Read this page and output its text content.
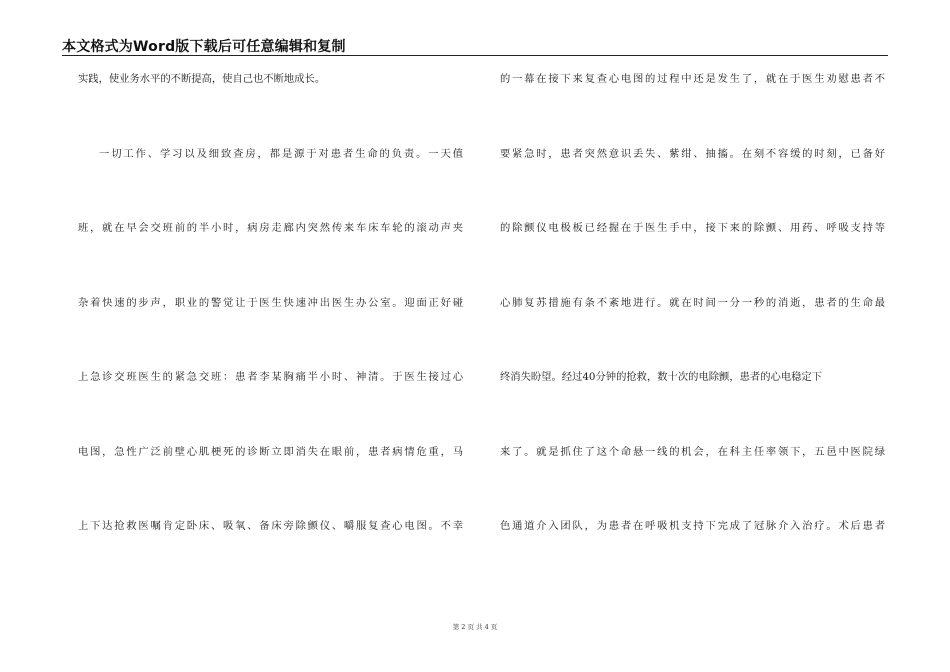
本文格式为Word版下载后可任意编辑和复制
实践，使业务水平的不断提高，使自己也不断地成长。
一切工作、学习以及细致查房，都是源于对患者生命的负责。一天值
班，就在早会交班前的半小时，病房走廊内突然传来车床车轮的滚动声夹
杂着快速的步声，职业的警觉让于医生快速冲出医生办公室。迎面正好碰
上急诊交班医生的紧急交班：患者李某胸痛半小时、神清。于医生接过心
电图，急性广泛前壁心肌梗死的诊断立即消失在眼前，患者病情危重，马
上下达抢救医嘱肯定卧床、吸氧、备床旁除颤仪、嚼服复查心电图。不幸
的一幕在接下来复查心电图的过程中还是发生了，就在于医生劝慰患者不
要紧急时，患者突然意识丢失、紫绀、抽搐。在刻不容缓的时刻，已备好
的除颤仪电极板已经握在于医生手中，接下来的除颤、用药、呼吸支持等
心肺复苏措施有条不紊地进行。就在时间一分一秒的消逝，患者的生命最
终消失盼望。经过40分钟的抢救，数十次的电除颤，患者的心电稳定下
来了。就是抓住了这个命悬一线的机会，在科主任率领下，五邑中医院绿
色通道介入团队，为患者在呼吸机支持下完成了冠脉介入治疗。术后患者
第 2 页 共 4 页
